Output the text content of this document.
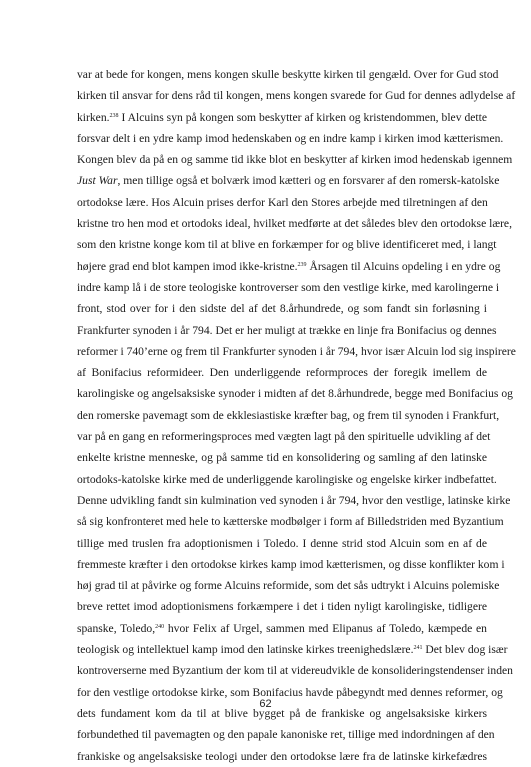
var at bede for kongen, mens kongen skulle beskytte kirken til gengæld. Over for Gud stod
kirken til ansvar for dens råd til kongen, mens kongen svarede for Gud for dennes adlydelse af
kirken.$^{238}$ I Alcuins syn på kongen som beskytter af kirken og kristendommen, blev dette
forsvar delt i en ydre kamp imod hedenskaben og en indre kamp i kirken imod kætterismen.
Kongen blev da på en og samme tid ikke blot en beskytter af kirken imod hedenskab igennem
Just War, men tillige også et bolværk imod kætteri og en forsvarer af den romersk-katolske
ortodokse lære. Hos Alcuin prises derfor Karl den Stores arbejde med tilretningen af den
kristne tro hen mod et ortodoks ideal, hvilket medførte at det således blev den ortodokse lære,
som den kristne konge kom til at blive en forkæmper for og blive identificeret med, i langt
højere grad end blot kampen imod ikke-kristne.$^{239}$ Årsagen til Alcuins opdeling i en ydre og
indre kamp lå i de store teologiske kontroverser som den vestlige kirke, med karolingerne i
front, stod over for i den sidste del af det 8.århundrede, og som fandt sin forløsning i
Frankfurter synoden i år 794. Det er her muligt at trække en linje fra Bonifacius og dennes
reformer i 740’erne og frem til Frankfurter synoden i år 794, hvor især Alcuin lod sig inspirere
af Bonifacius reformideer. Den underliggende reformproces der foregik imellem de
karolingiske og angelsaksiske synoder i midten af det 8.århundrede, begge med Bonifacius og
den romerske pavemagt som de ekklesiastiske kræfter bag, og frem til synoden i Frankfurt,
var på en gang en reformeringsproces med vægten lagt på den spirituelle udvikling af det
enkelte kristne menneske, og på samme tid en konsolidering og samling af den latinske
ortodoks-katolske kirke med de underliggende karolingiske og engelske kirker indbefattet.
Denne udvikling fandt sin kulmination ved synoden i år 794, hvor den vestlige, latinske kirke
så sig konfronteret med hele to kætterske modbølger i form af Billedstriden med Byzantium
tillige med truslen fra adoptionismen i Toledo. I denne strid stod Alcuin som en af de
fremmeste kræfter i den ortodokse kirkes kamp imod kætterismen, og disse konflikter kom i
høj grad til at påvirke og forme Alcuins reformide, som det sås udtrykt i Alcuins polemiske
breve rettet imod adoptionismens forkæmpere i det i tiden nyligt karolingiske, tidligere
spanske, Toledo,$^{240}$ hvor Felix af Urgel, sammen med Elipanus af Toledo, kæmpede en
teologisk og intellektuel kamp imod den latinske kirkes treenighedslære.$^{241}$ Det blev dog især
kontroverserne med Byzantium der kom til at videreudvikle de konsolideringstendenser inden
for den vestlige ortodokse kirke, som Bonifacius havde påbegyndt med dennes reformer, og
dets fundament kom da til at blive bygget på de frankiske og angelsaksiske kirkers
forbundethed til pavemagten og den papale kanoniske ret, tillige med indordningen af den
frankiske og angelsaksiske teologi under den ortodokse lære fra de latinske kirkefædres
62
